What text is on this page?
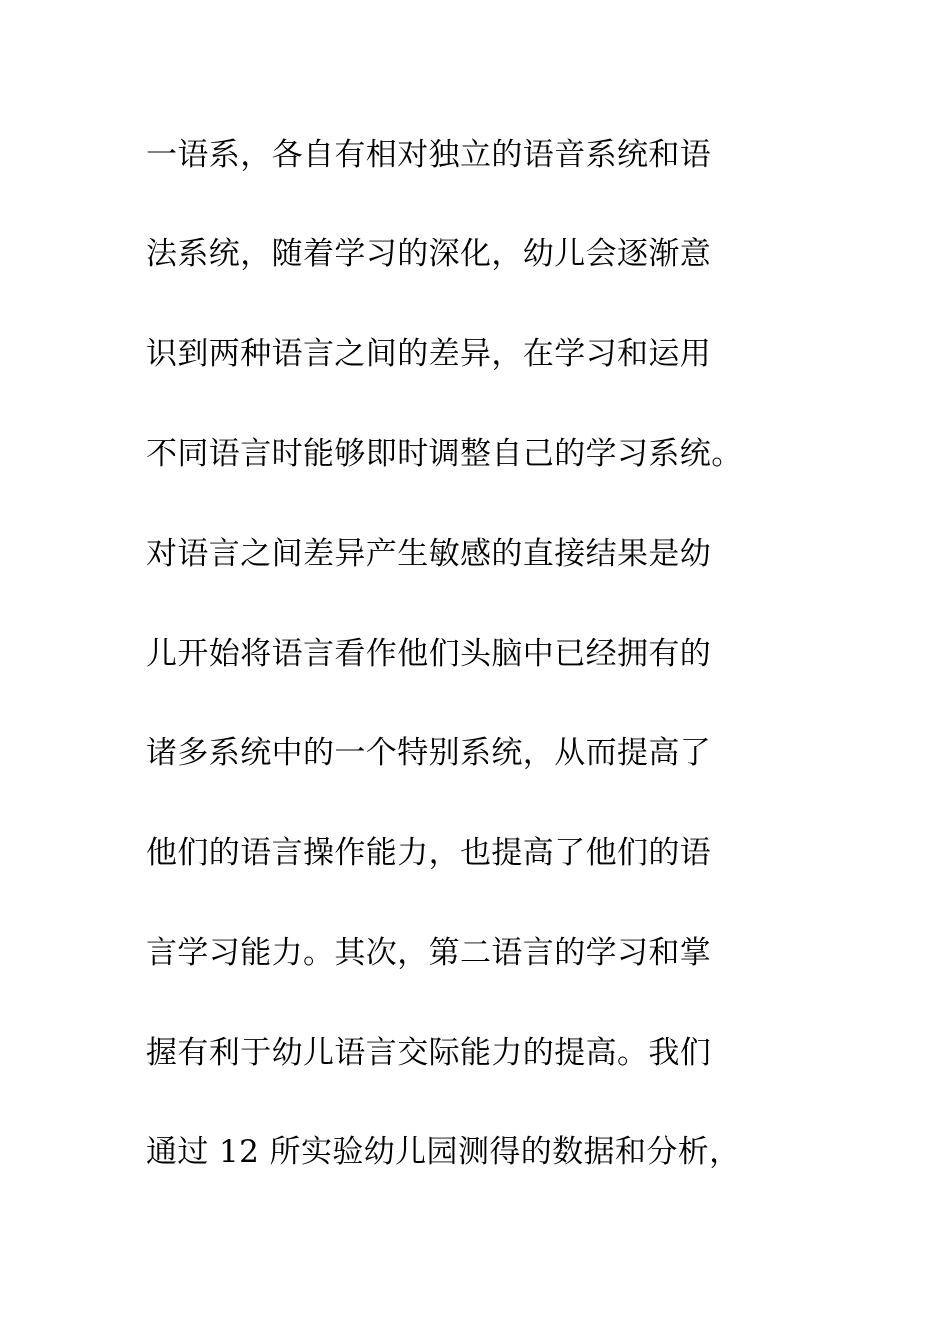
一语系，各自有相对独立的语音系统和语
法系统，随着学习的深化，幼儿会逐渐意
识到两种语言之间的差异，在学习和运用
不同语言时能够即时调整自己的学习系统。
对语言之间差异产生敏感的直接结果是幼
儿开始将语言看作他们头脑中已经拥有的
诸多系统中的一个特别系统，从而提高了
他们的语言操作能力，也提高了他们的语
言学习能力。其次，第二语言的学习和掌
握有利于幼儿语言交际能力的提高。我们
通过 12 所实验幼儿园测得的数据和分析，
